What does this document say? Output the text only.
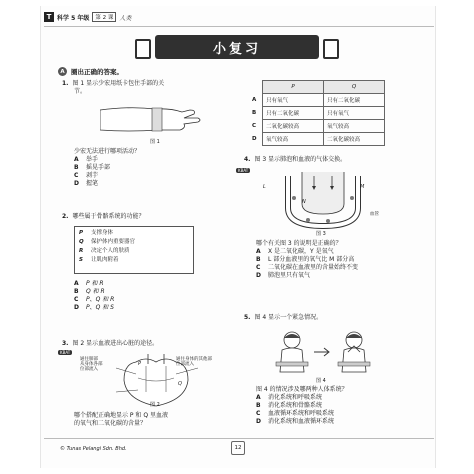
T 科学 5 年级	第 2 课	人类
小复习
A 圈出正确的答案。
1. 图 1 显示少宏用纸卡包住手部的关
节。
图 1
少宏无法进行哪项活动？
A 举手
B 摇晃手部
C 剥芋
D 握笔
2. 哪些属于骨骼系统的功能？
P	支撑身体
Q 保护体内重要器官
R	决定个人的肤质
S	让肌肉附着
A P 和 R
B Q 和 R
C P、Q 和 R
D P、Q 和 S
KBAT
3. 图 2 显示血液进出心脏的途径。
通往肺部
从身体各部
位部流入
通往身体的其他部
位部流入
P
Q
图 2
哪个搭配正确地显示 P 和 Q 里血液
的氧气和二氧化碳的含量？
	P	Q
A	只有氧气	只有二氧化碳
B	只有二氧化碳	只有氧气
C	二氧化碳较高	氧气较高
D	氧气较高	二氧化碳较高
KBAT
4. 图 3 显示肺泡和血液的气体交换。
L	M
N
血管
图 3
哪个有关图 3 的说明是正确的？
A X 是二氧化碳，Y 是氧气
B L 部分血液里的氧气比 M 部分高
C 二氧化碳在血液里的含量始终不变
D 肺泡里只有氧气
5. 图 4 显示一个紧急情况。
图 4
图 4 的情况涉及哪两种人体系统？
A 消化系统和呼吸系统
B 消化系统和骨骼系统
C 血液循环系统和呼吸系统
D 消化系统和血液循环系统
© Tunas Pelangi Sdn. Bhd.	12
